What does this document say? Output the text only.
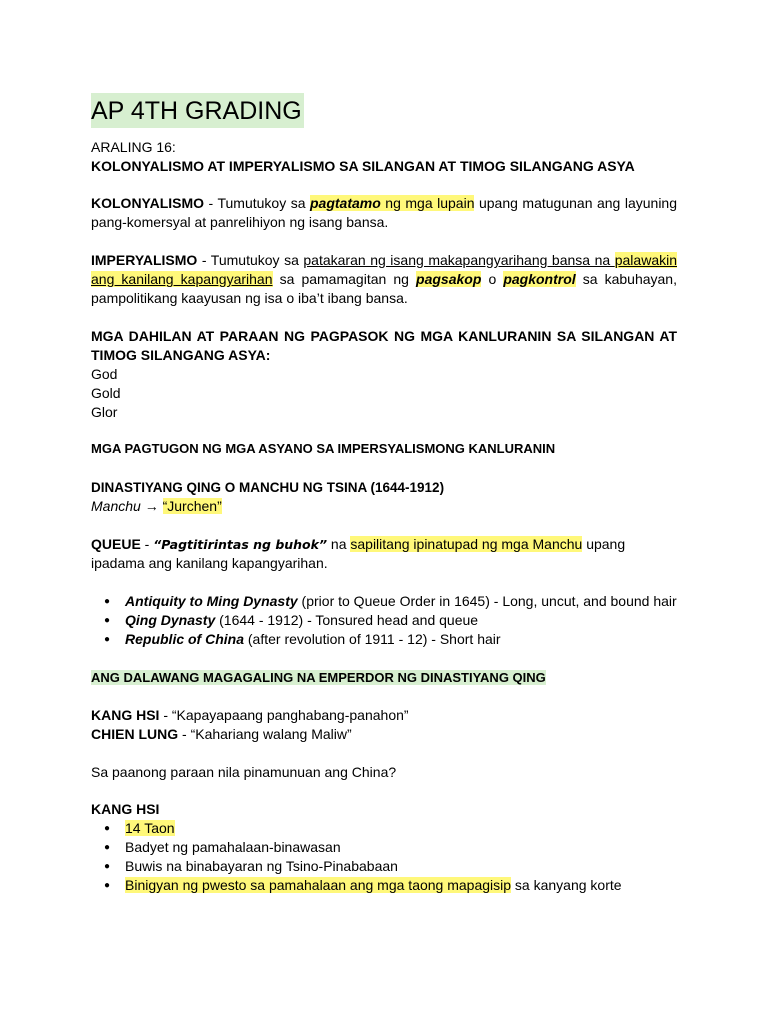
AP 4TH GRADING

ARALING 16:

KOLONYALISMO AT IMPERYALISMO SA SILANGAN AT TIMOG SILANGANG ASYA

KOLONYALISMO - Tumutukoy sa pagtatamo ng mga lupain upang matugunan ang layuning pang-komersyal at panrelihiyon ng isang bansa.

IMPERYALISMO - Tumutukoy sa patakaran ng isang makapangyarihang bansa na palawakin ang kanilang kapangyarihan sa pamamagitan ng pagsakop o pagkontrol sa kabuhayan, pampolitikang kaayusan ng isa o iba’t ibang bansa.

MGA DAHILAN AT PARAAN NG PAGPASOK NG MGA KANLURANIN SA SILANGAN AT TIMOG SILANGANG ASYA:

God

Gold

Glor

MGA PAGTUGON NG MGA ASYANO SA IMPERSYALISMONG KANLURANIN

DINASTIYANG QING O MANCHU NG TSINA (1644-1912)

Manchu → “Jurchen”

QUEUE - “Pagtitirintas ng buhok” na sapilitang ipinatupad ng mga Manchu upang ipadama ang kanilang kapangyarihan.

● Antiquity to Ming Dynasty (prior to Queue Order in 1645) - Long, uncut, and bound hair
● Qing Dynasty (1644 - 1912) - Tonsured head and queue
● Republic of China (after revolution of 1911 - 12) - Short hair

ANG DALAWANG MAGAGALING NA EMPERDOR NG DINASTIYANG QING

KANG HSI - “Kapayapaang panghabang-panahon”

CHIEN LUNG - “Kahariang walang Maliw”

Sa paanong paraan nila pinamunuan ang China?

KANG HSI

● 14 Taon
● Badyet ng pamahalaan-binawasan
● Buwis na binabayaran ng Tsino-Pinababaan
● Binigyan ng pwesto sa pamahalaan ang mga taong mapagisip sa kanyang korte
